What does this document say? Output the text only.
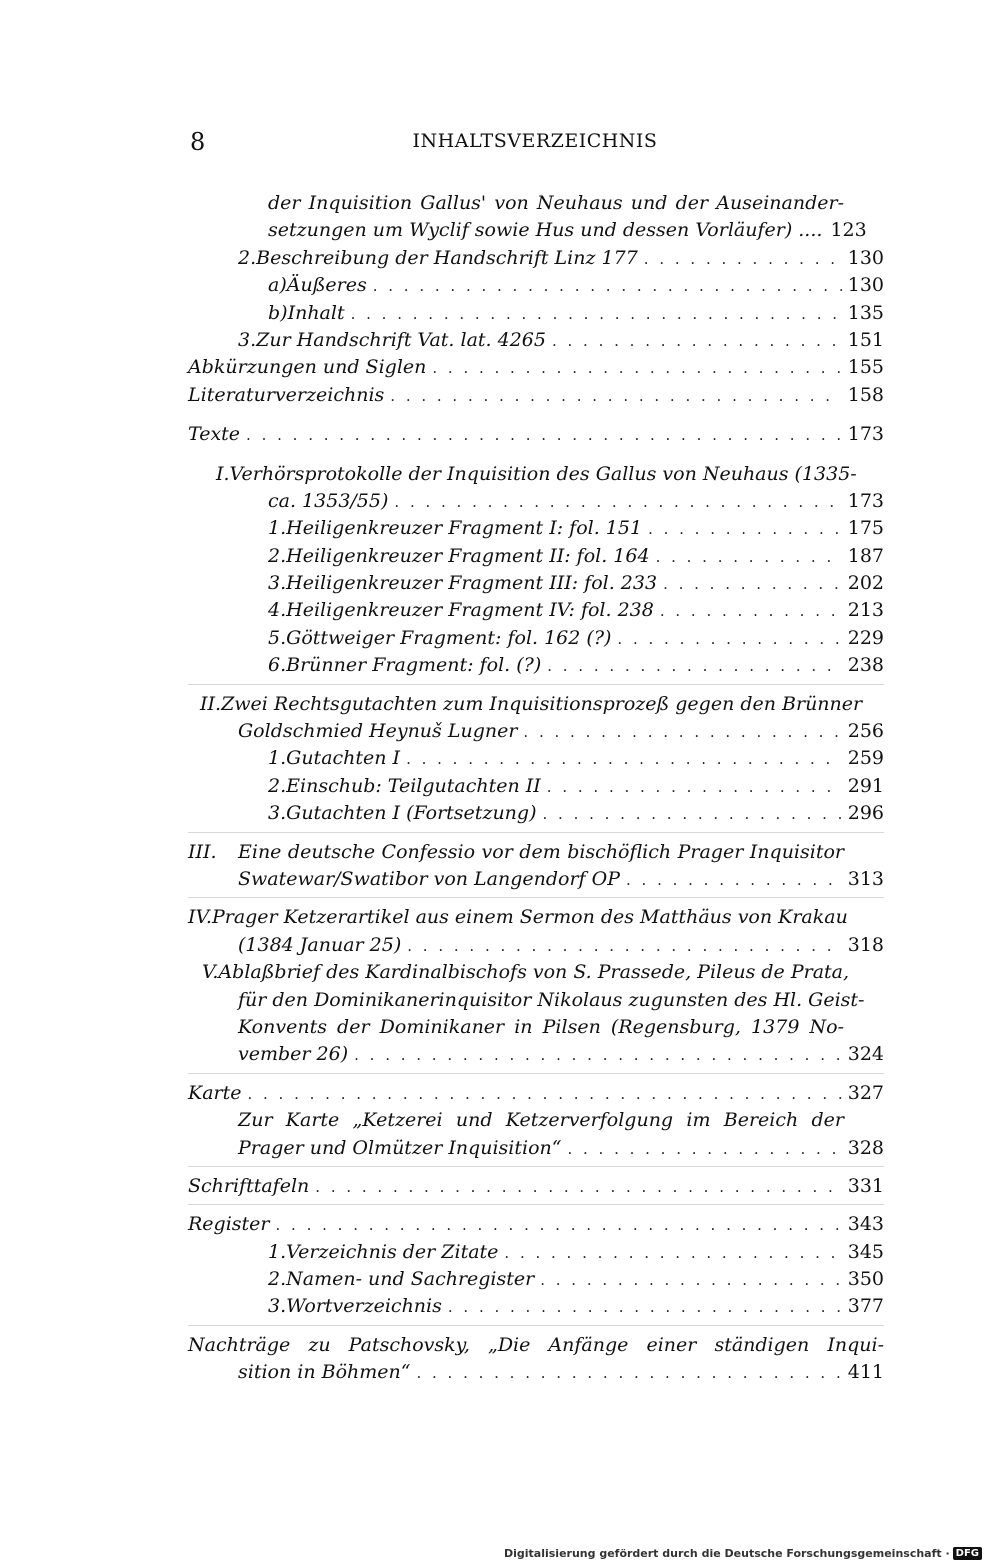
8	INHALTSVERZEICHNIS
der Inquisition Gallus' von Neuhaus und der Auseinander-
setzungen um Wyclif sowie Hus und dessen Vorläufer) .... 123
2. Beschreibung der Handschrift Linz 177 . . .	130
a) Äußeres . . .	130
b) Inhalt . . .	135
3. Zur Handschrift Vat. lat. 4265 . . .	151
Abkürzungen und Siglen . . .	155
Literaturverzeichnis . . .	158
Texte . . .	173
I. Verhörsprotokolle der Inquisition des Gallus von Neuhaus (1335-
ca. 1353/55) . . .	173
1. Heiligenkreuzer Fragment I: fol. 151 . . .	175
2. Heiligenkreuzer Fragment II: fol. 164 . . .	187
3. Heiligenkreuzer Fragment III: fol. 233 . . .	202
4. Heiligenkreuzer Fragment IV: fol. 238 . . .	213
5. Göttweiger Fragment: fol. 162 (?) . . .	229
6. Brünner Fragment: fol. (?) . . .	238
II. Zwei Rechtsgutachten zum Inquisitionsprozeß gegen den Brünner
Goldschmied Heynuš Lugner . . .	256
1. Gutachten I . . .	259
2. Einschub: Teilgutachten II . . .	291
3. Gutachten I (Fortsetzung) . . .	296
III.	Eine deutsche Confessio vor dem bischöflich Prager Inquisitor
Swatewar/Swatibor von Langendorf OP . . .	313
IV. Prager Ketzerartikel aus einem Sermon des Matthäus von Krakau
(1384 Januar 25) . . .	318
V. Ablaßbrief des Kardinalbischofs von S. Prassede, Pileus de Prata,
für den Dominikanerinquisitor Nikolaus zugunsten des Hl. Geist-
Konvents der Dominikaner in Pilsen (Regensburg, 1379 No-
vember 26) . . .	324
Karte . . .	327
Zur Karte „Ketzerei und Ketzerverfolgung im Bereich der
Prager und Olmützer Inquisition“ . . .	328
Schrifttafeln . . .	331
Register . . .	343
1. Verzeichnis der Zitate . . .	345
2. Namen- und Sachregister . . .	350
3. Wortverzeichnis . . .	377
Nachträge zu Patschovsky, „Die Anfänge einer ständigen Inqui-
sition in Böhmen“ . . .	411
Digitalisierung gefördert durch die Deutsche Forschungsgemeinschaft · DFG
